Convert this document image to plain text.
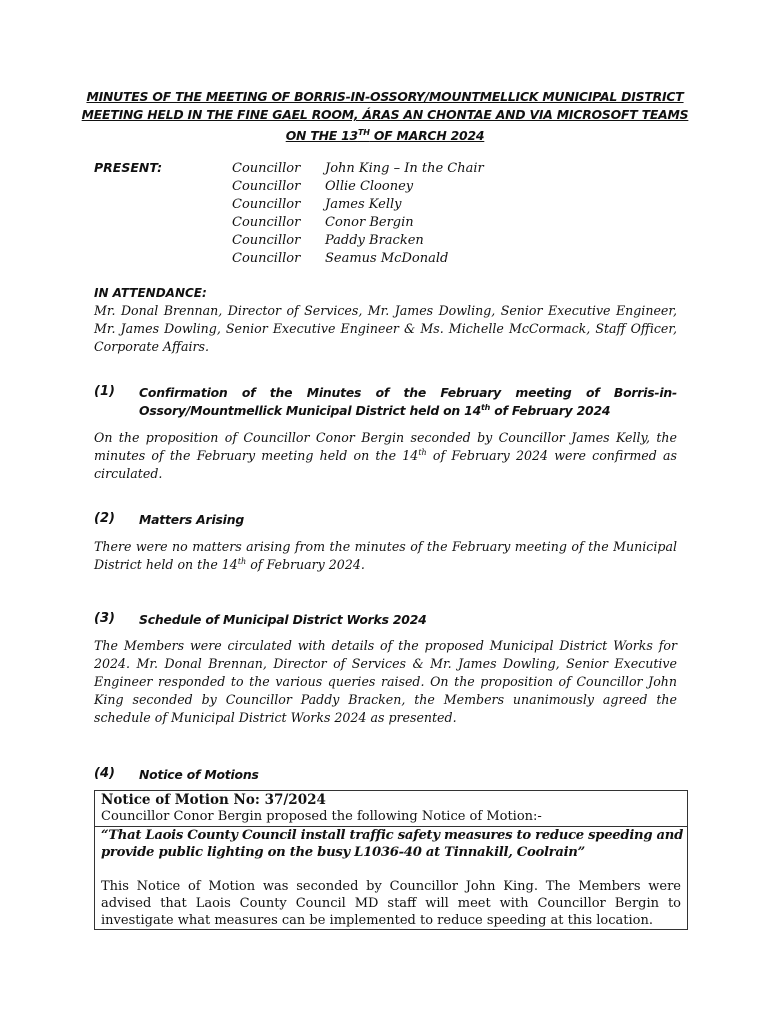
MINUTES OF THE MEETING OF BORRIS-IN-OSSORY/MOUNTMELLICK MUNICIPAL DISTRICT
MEETING HELD IN THE FINE GAEL ROOM, ÁRAS AN CHONTAE AND VIA MICROSOFT TEAMS
ON THE 13TH OF MARCH 2024
PRESENT:	Councillor John King – In the Chair
Councillor Ollie Clooney
Councillor James Kelly
Councillor Conor Bergin
Councillor Paddy Bracken
Councillor Seamus McDonald
IN ATTENDANCE:
Mr. Donal Brennan, Director of Services, Mr. James Dowling, Senior Executive Engineer, Mr. James Dowling, Senior Executive Engineer & Ms. Michelle McCormack, Staff Officer, Corporate Affairs.
(1) Confirmation of the Minutes of the February meeting of Borris-in-Ossory/Mountmellick Municipal District held on 14th of February 2024
On the proposition of Councillor Conor Bergin seconded by Councillor James Kelly, the minutes of the February meeting held on the 14th of February 2024 were confirmed as circulated.
(2) Matters Arising
There were no matters arising from the minutes of the February meeting of the Municipal District held on the 14th of February 2024.
(3) Schedule of Municipal District Works 2024
The Members were circulated with details of the proposed Municipal District Works for 2024. Mr. Donal Brennan, Director of Services & Mr. James Dowling, Senior Executive Engineer responded to the various queries raised. On the proposition of Councillor John King seconded by Councillor Paddy Bracken, the Members unanimously agreed the schedule of Municipal District Works 2024 as presented.
(4) Notice of Motions
Notice of Motion No: 37/2024
Councillor Conor Bergin proposed the following Notice of Motion:-
“That Laois County Council install traffic safety measures to reduce speeding and provide public lighting on the busy L1036-40 at Tinnakill, Coolrain”
This Notice of Motion was seconded by Councillor John King. The Members were advised that Laois County Council MD staff will meet with Councillor Bergin to investigate what measures can be implemented to reduce speeding at this location.
